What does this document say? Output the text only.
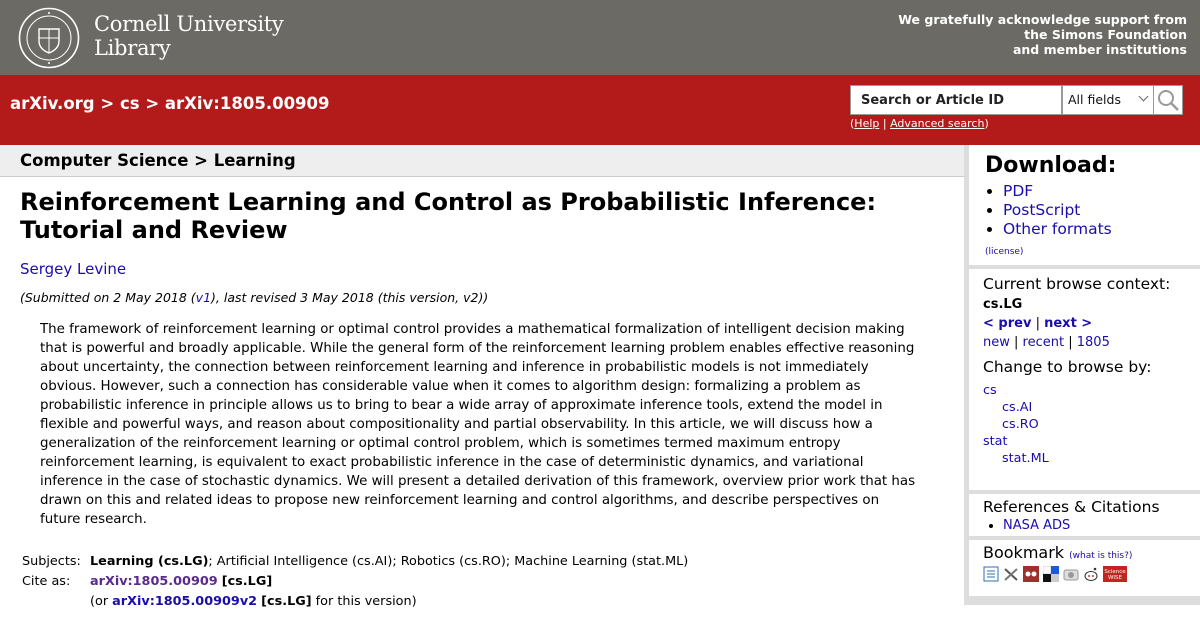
Cornell University
Library
We gratefully acknowledge support from
the Simons Foundation
and member institutions
arXiv.org > cs > arXiv:1805.00909
Search or Article ID	All fields
(Help | Advanced search)
Computer Science > Learning
Reinforcement Learning and Control as Probabilistic Inference: Tutorial and Review
Sergey Levine
(Submitted on 2 May 2018 (v1), last revised 3 May 2018 (this version, v2))
The framework of reinforcement learning or optimal control provides a mathematical formalization of intelligent decision making that is powerful and broadly applicable. While the general form of the reinforcement learning problem enables effective reasoning about uncertainty, the connection between reinforcement learning and inference in probabilistic models is not immediately obvious. However, such a connection has considerable value when it comes to algorithm design: formalizing a problem as probabilistic inference in principle allows us to bring to bear a wide array of approximate inference tools, extend the model in flexible and powerful ways, and reason about compositionality and partial observability. In this article, we will discuss how a generalization of the reinforcement learning or optimal control problem, which is sometimes termed maximum entropy reinforcement learning, is equivalent to exact probabilistic inference in the case of deterministic dynamics, and variational inference in the case of stochastic dynamics. We will present a detailed derivation of this framework, overview prior work that has drawn on this and related ideas to propose new reinforcement learning and control algorithms, and describe perspectives on future research.
Subjects: Learning (cs.LG); Artificial Intelligence (cs.AI); Robotics (cs.RO); Machine Learning (stat.ML)
Cite as:	arXiv:1805.00909 [cs.LG]
(or arXiv:1805.00909v2 [cs.LG] for this version)
Download:
• PDF
• PostScript
• Other formats
(license)
Current browse context:
cs.LG
< prev | next >
new | recent | 1805
Change to browse by:
cs
cs.AI
cs.RO
stat
stat.ML
References & Citations
• NASA ADS
Bookmark (what is this?)
Science
WISE
